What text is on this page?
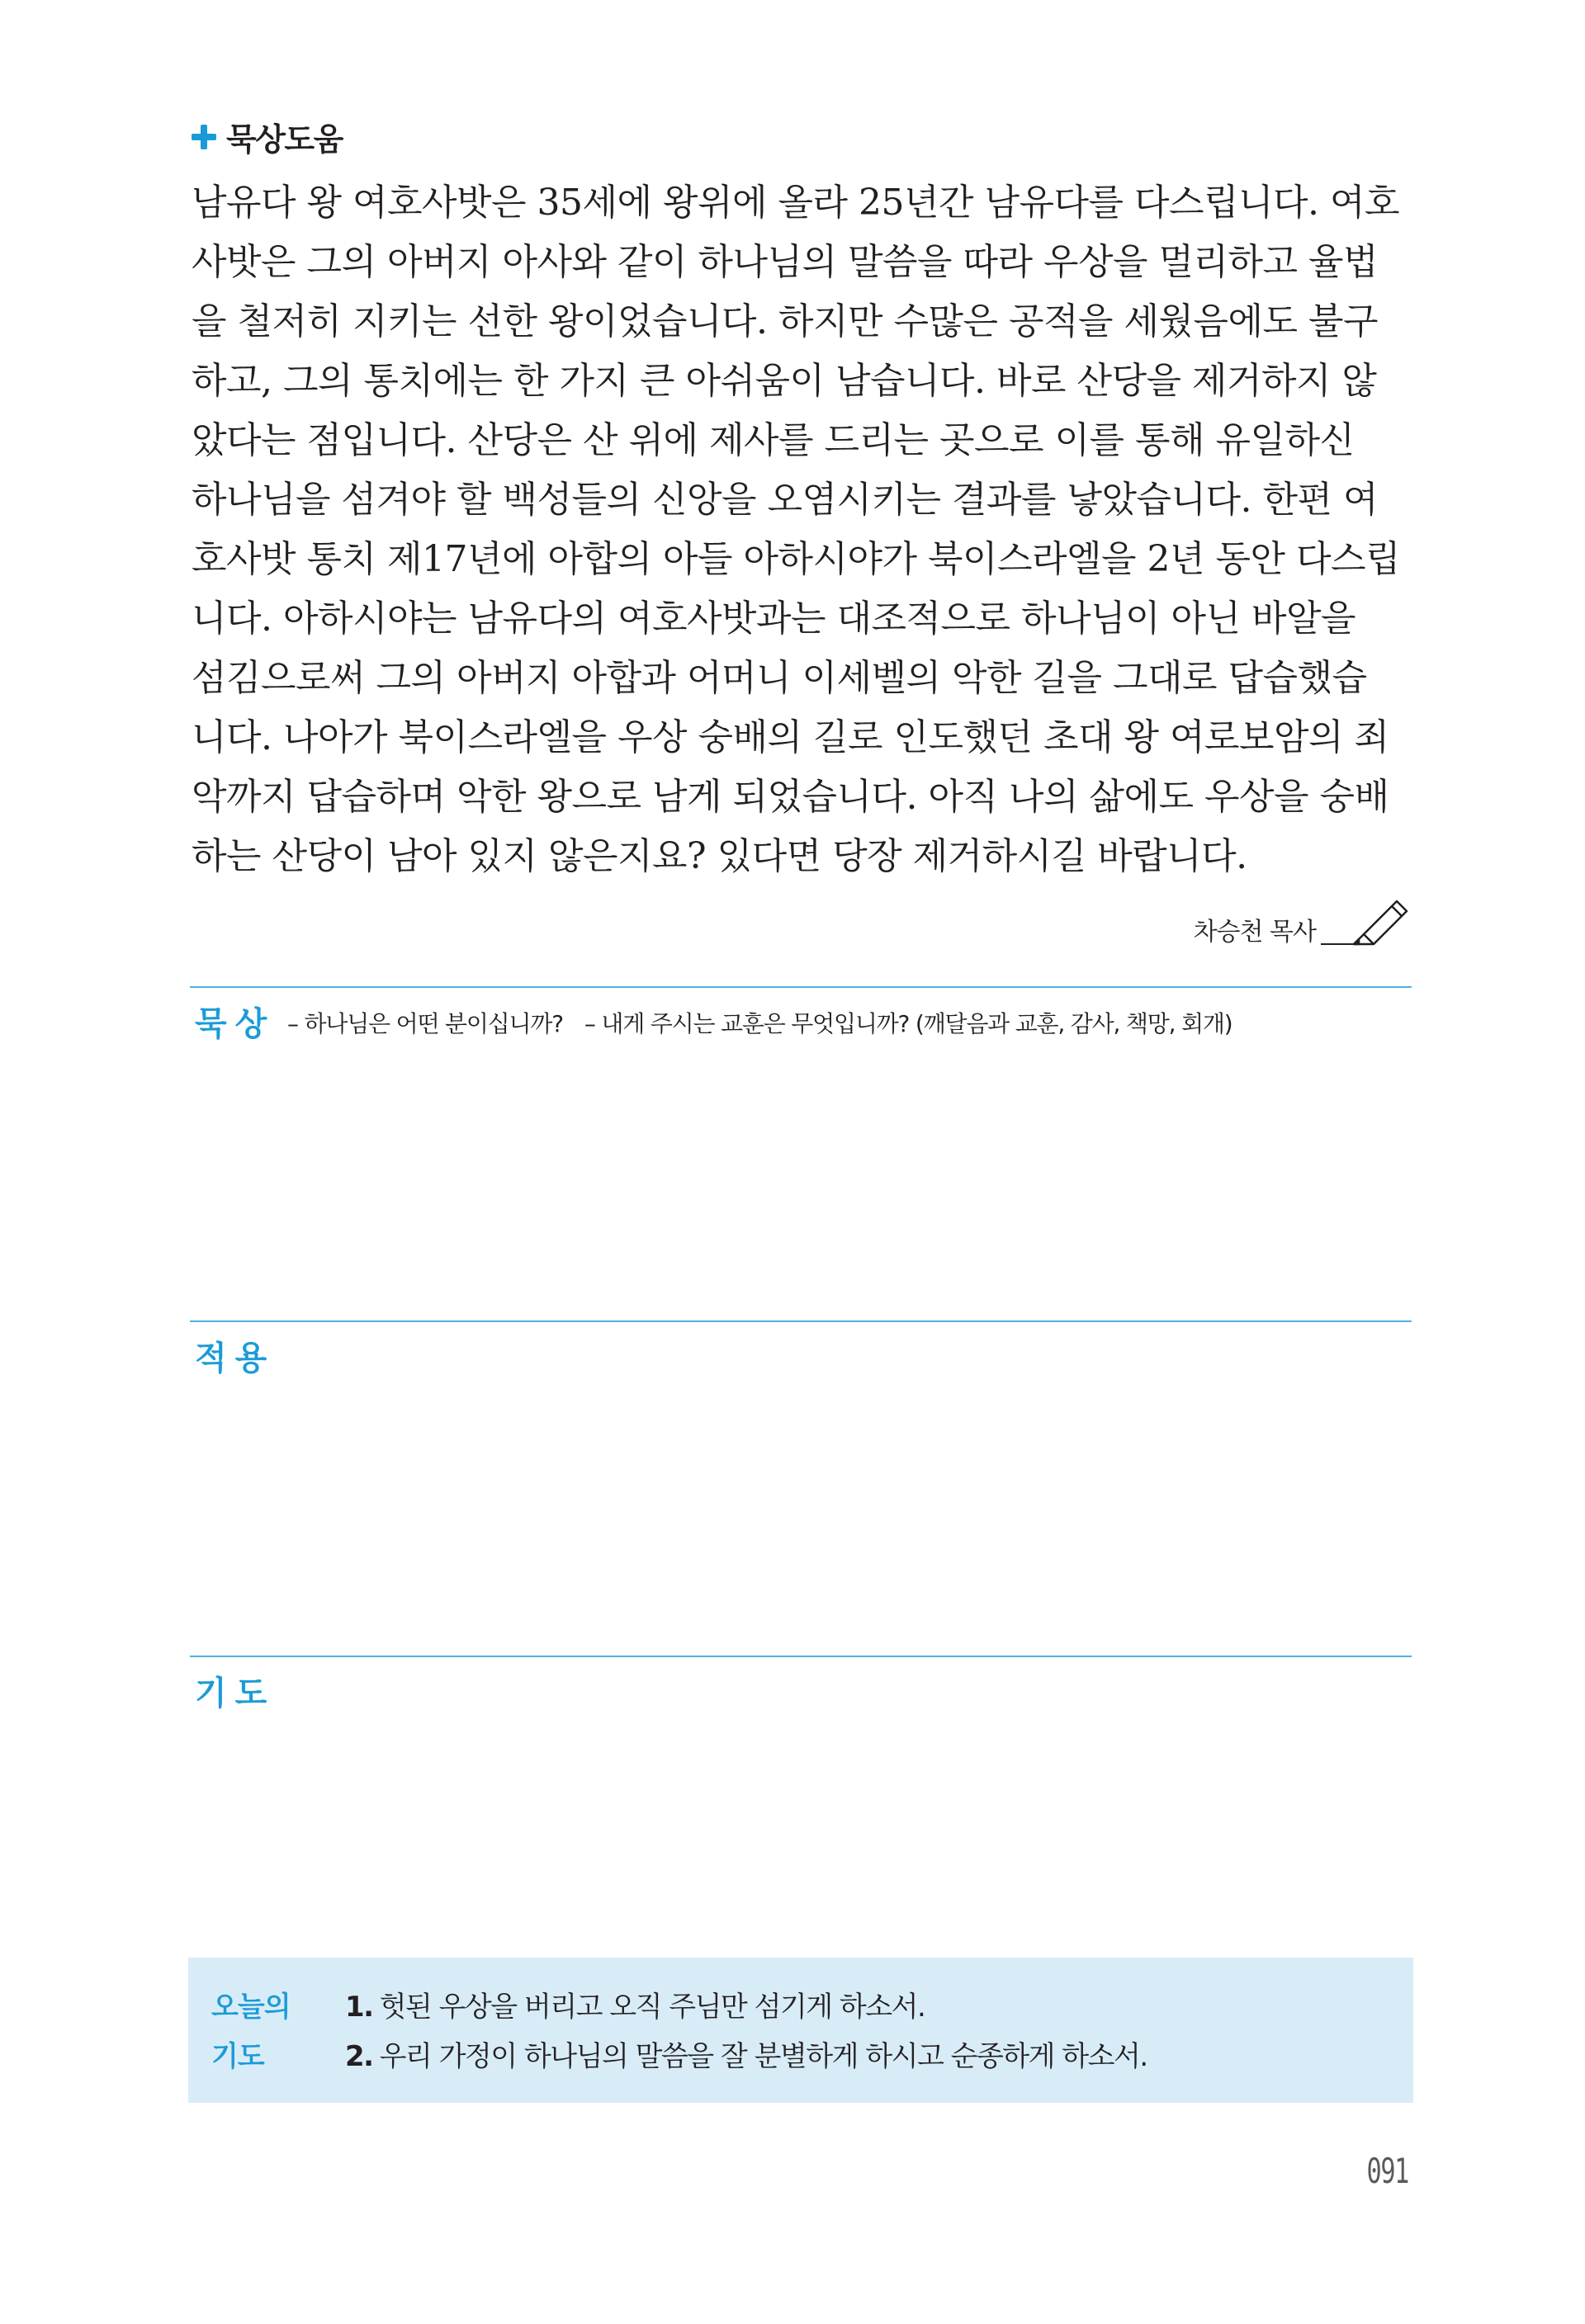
묵상도움
남유다 왕 여호사밧은 35세에 왕위에 올라 25년간 남유다를 다스립니다. 여호
사밧은 그의 아버지 아사와 같이 하나님의 말씀을 따라 우상을 멀리하고 율법
을 철저히 지키는 선한 왕이었습니다. 하지만 수많은 공적을 세웠음에도 불구
하고, 그의 통치에는 한 가지 큰 아쉬움이 남습니다. 바로 산당을 제거하지 않
았다는 점입니다. 산당은 산 위에 제사를 드리는 곳으로 이를 통해 유일하신
하나님을 섬겨야 할 백성들의 신앙을 오염시키는 결과를 낳았습니다. 한편 여
호사밧 통치 제17년에 아합의 아들 아하시야가 북이스라엘을 2년 동안 다스립
니다. 아하시야는 남유다의 여호사밧과는 대조적으로 하나님이 아닌 바알을
섬김으로써 그의 아버지 아합과 어머니 이세벨의 악한 길을 그대로 답습했습
니다. 나아가 북이스라엘을 우상 숭배의 길로 인도했던 초대 왕 여로보암의 죄
악까지 답습하며 악한 왕으로 남게 되었습니다. 아직 나의 삶에도 우상을 숭배
하는 산당이 남아 있지 않은지요? 있다면 당장 제거하시길 바랍니다.
차승천 목사
묵상 – 하나님은 어떤 분이십니까? – 내게 주시는 교훈은 무엇입니까? (깨달음과 교훈, 감사, 책망, 회개)
적용
기도
오늘의
기도
1. 헛된 우상을 버리고 오직 주님만 섬기게 하소서.
2. 우리 가정이 하나님의 말씀을 잘 분별하게 하시고 순종하게 하소서.
091
